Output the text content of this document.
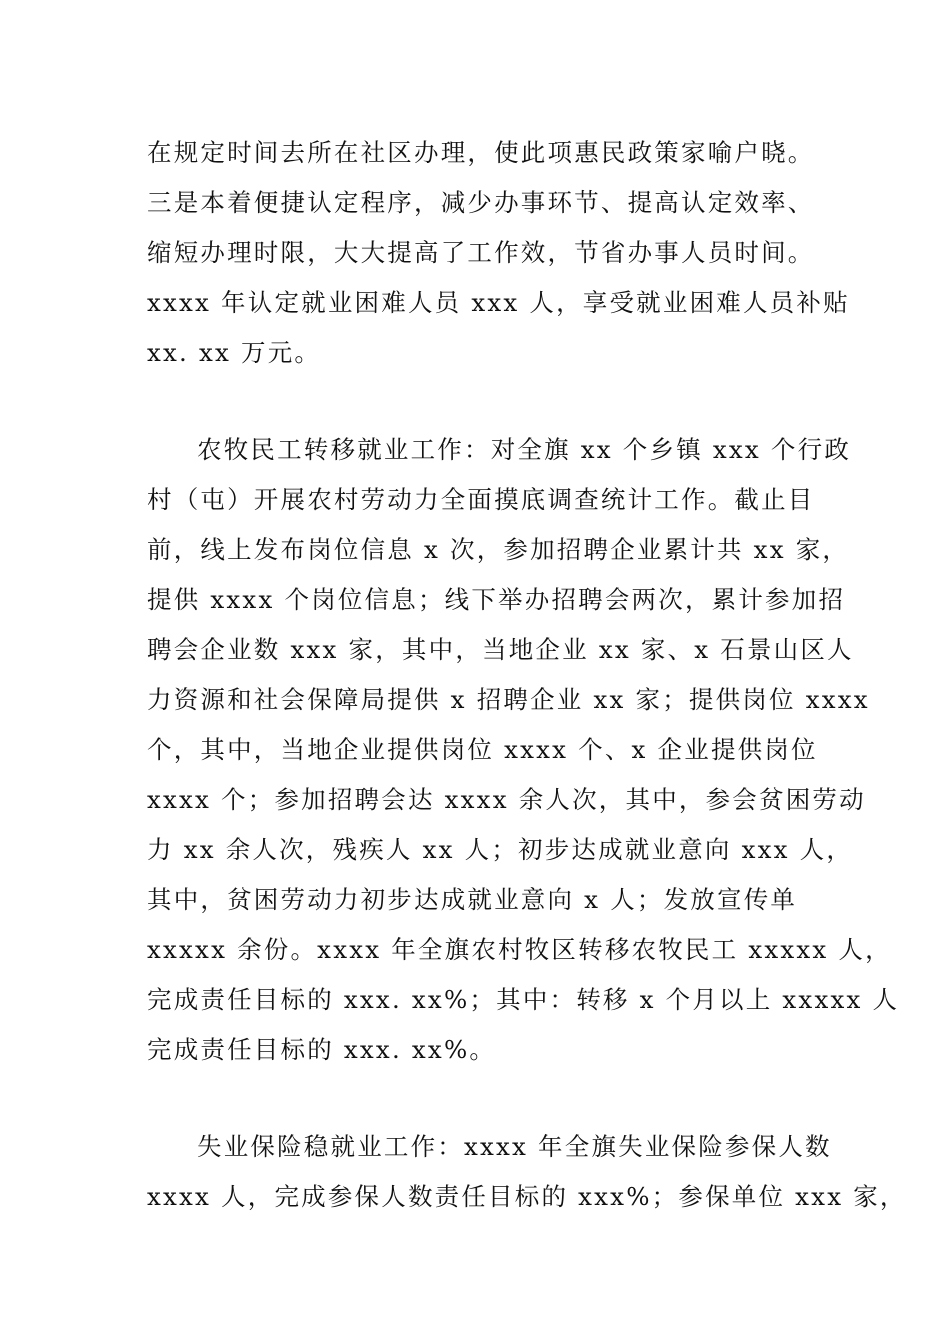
在规定时间去所在社区办理，使此项惠民政策家喻户晓。
三是本着便捷认定程序，减少办事环节、提高认定效率、
缩短办理时限，大大提高了工作效，节省办事人员时间。
xxxx 年认定就业困难人员 xxx 人，享受就业困难人员补贴
xx. xx 万元。
农牧民工转移就业工作：对全旗 xx 个乡镇 xxx 个行政
村（屯）开展农村劳动力全面摸底调查统计工作。截止目
前，线上发布岗位信息 x 次，参加招聘企业累计共 xx 家，
提供 xxxx 个岗位信息；线下举办招聘会两次，累计参加招
聘会企业数 xxx 家，其中，当地企业 xx 家、x 石景山区人
力资源和社会保障局提供 x 招聘企业 xx 家；提供岗位 xxxx
个，其中，当地企业提供岗位 xxxx 个、x 企业提供岗位
xxxx 个；参加招聘会达 xxxx 余人次，其中，参会贫困劳动
力 xx 余人次，残疾人 xx 人；初步达成就业意向 xxx 人，
其中，贫困劳动力初步达成就业意向 x 人；发放宣传单
xxxxx 余份。xxxx 年全旗农村牧区转移农牧民工 xxxxx 人，
完成责任目标的 xxx. xx%；其中：转移 x 个月以上 xxxxx 人
完成责任目标的 xxx. xx%。
失业保险稳就业工作：xxxx 年全旗失业保险参保人数
xxxx 人，完成参保人数责任目标的 xxx%；参保单位 xxx 家，
